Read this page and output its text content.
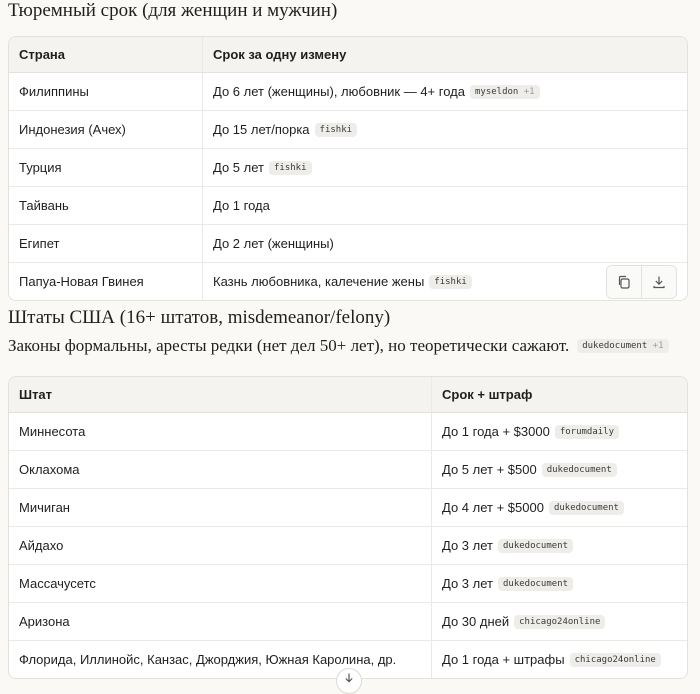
Тюремный срок (для женщин и мужчин)
Страна	Срок за одну измену
Филиппины	До 6 лет (женщины), любовник — 4+ года myseldon +1
Индонезия (Ачех)	До 15 лет/порка fishki
Турция	До 5 лет fishki
Тайвань	До 1 года
Египет	До 2 лет (женщины)
Папуа-Новая Гвинея	Казнь любовника, калечение жены fishki
Штаты США (16+ штатов, misdemeanor/felony)
Законы формальны, аресты редки (нет дел 50+ лет), но теоретически сажают.	dukedocument +1
Штат	Срок + штраф
Миннесота	До 1 года + $3000 forumdaily
Оклахома	До 5 лет + $500 dukedocument
Мичиган	До 4 лет + $5000 dukedocument
Айдахо	До 3 лет dukedocument
Массачусетс	До 3 лет dukedocument
Аризона	До 30 дней chicago24online
Флорида, Иллинойс, Канзас, Джорджия, Южная Каролина, др.	До 1 года + штрафы chicago24online
